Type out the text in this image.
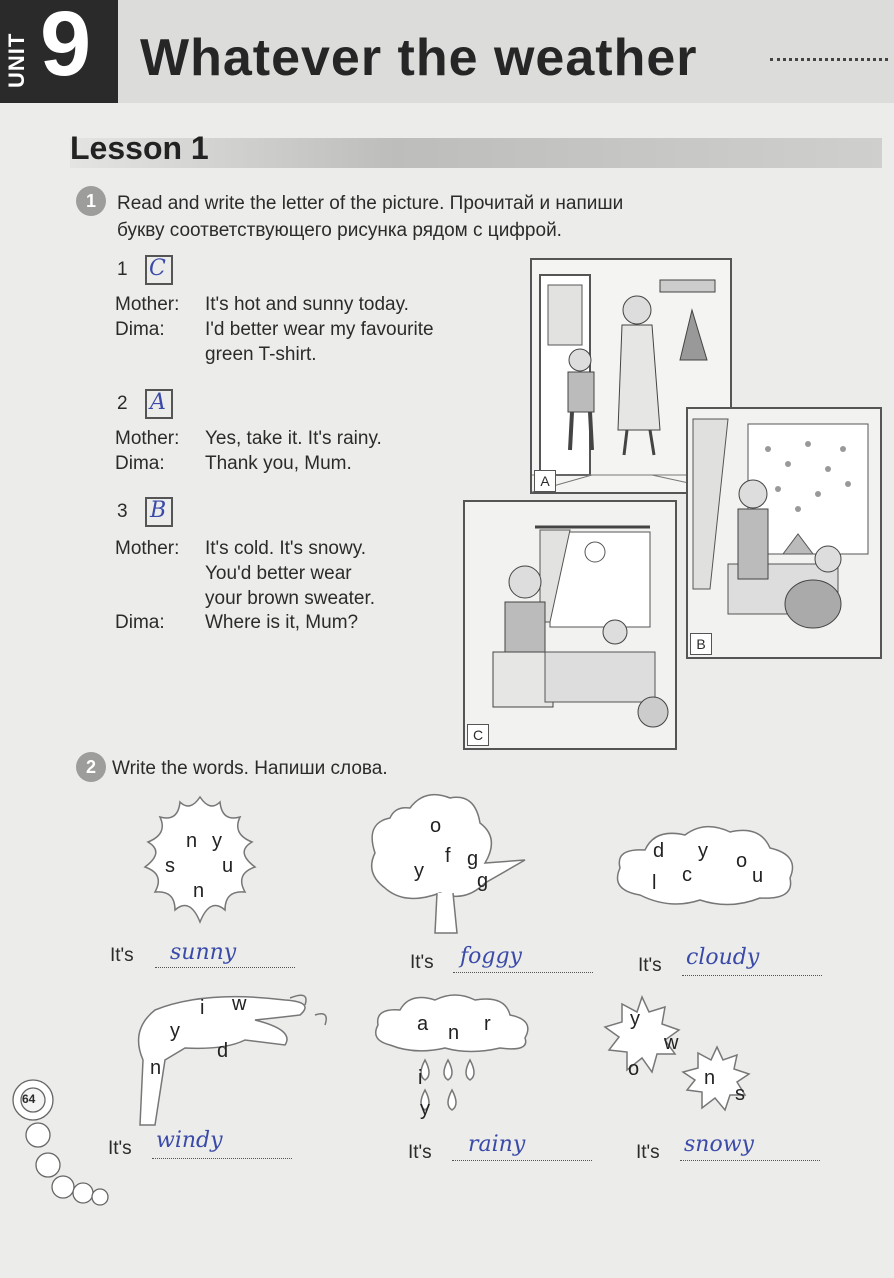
9
UNIT Whatever the weather
Lesson 1
1	Read and write the letter of the picture. Прочитай и напиши
букву соответствующего рисунка рядом с цифрой.
1 C
Mother: It's hot and sunny today.
Dima: I'd better wear my favourite
green T-shirt.
2 A
Mother: Yes, take it. It's rainy.
Dima: Thank you, Mum.
3 B
Mother: It's cold. It's snowy.
You'd better wear
your brown sweater.
Dima: Where is it, Mum?
A
B
C
2 Write the words. Напиши слова.
n y
s u
n
o
f g
y	g
d y o
l c	u
It's sunny	It's foggy	It's cloudy
i w
y
d
n
a n r
i
y
y
w
o	n
s
It's windy	It's rainy	It's snowy
64
